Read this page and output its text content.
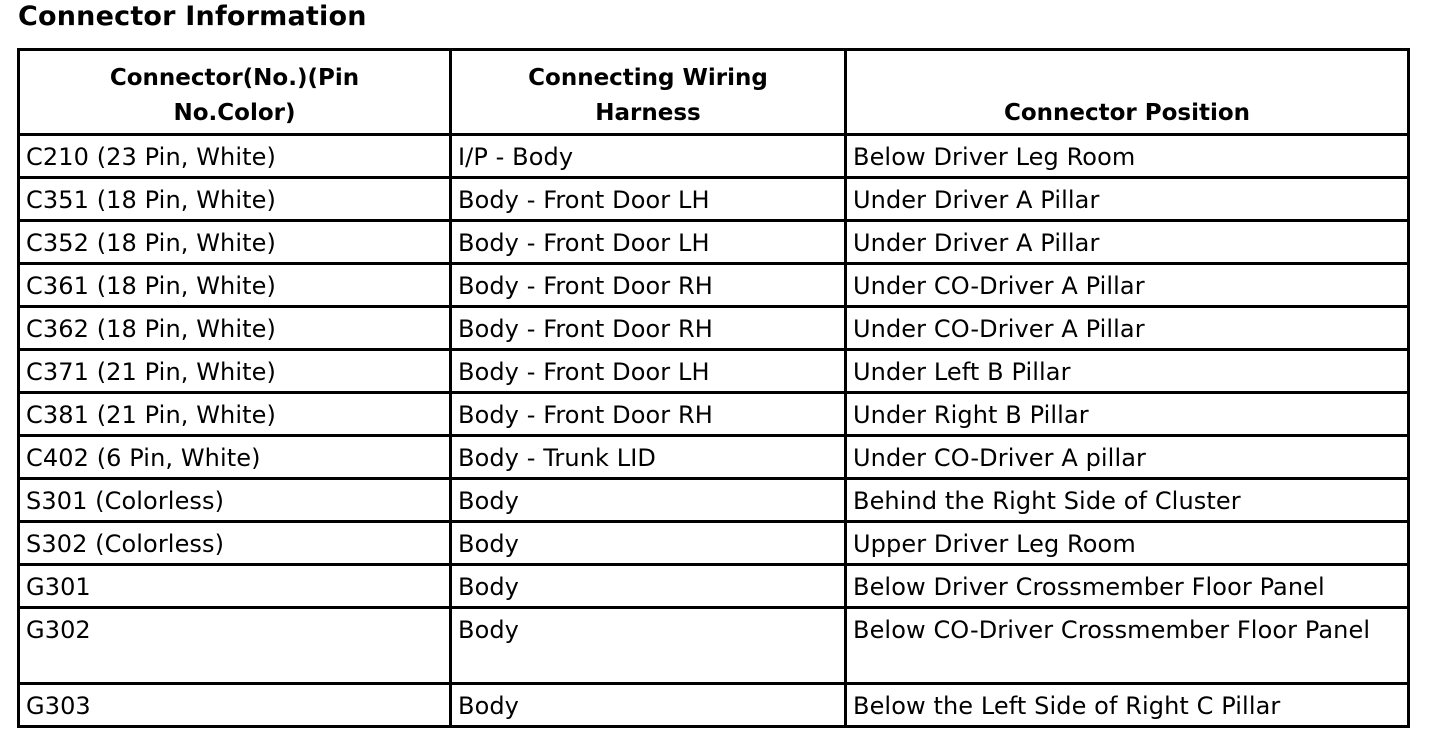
Connector Information
Connector(No.)(Pin No.Color)	Connecting Wiring Harness	Connector Position
C210 (23 Pin, White)	I/P - Body	Below Driver Leg Room
C351 (18 Pin, White)	Body - Front Door LH	Under Driver A Pillar
C352 (18 Pin, White)	Body - Front Door LH	Under Driver A Pillar
C361 (18 Pin, White)	Body - Front Door RH	Under CO-Driver A Pillar
C362 (18 Pin, White)	Body - Front Door RH	Under CO-Driver A Pillar
C371 (21 Pin, White)	Body - Front Door LH	Under Left B Pillar
C381 (21 Pin, White)	Body - Front Door RH	Under Right B Pillar
C402 (6 Pin, White)	Body - Trunk LID	Under CO-Driver A pillar
S301 (Colorless)	Body	Behind the Right Side of Cluster
S302 (Colorless)	Body	Upper Driver Leg Room
G301	Body	Below Driver Crossmember Floor Panel
G302	Body	Below CO-Driver Crossmember Floor Panel
G303	Body	Below the Left Side of Right C Pillar
